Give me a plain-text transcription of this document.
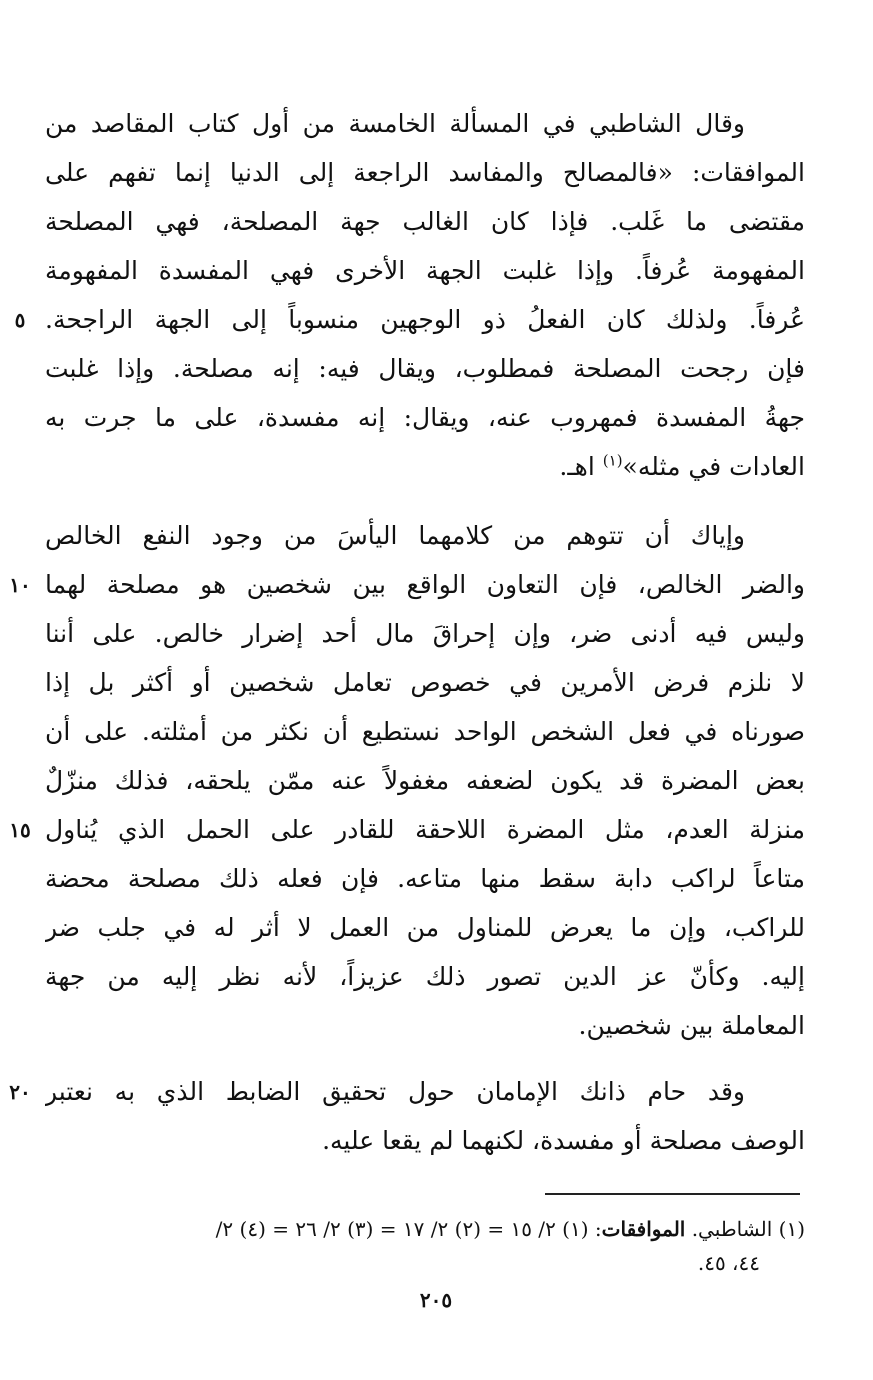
وقال الشاطبي في المسألة الخامسة من أول كتاب المقاصد من
الموافقات: «فالمصالح والمفاسد الراجعة إلى الدنيا إنما تفهم على
مقتضى ما غَلب. فإذا كان الغالب جهة المصلحة، فهي المصلحة
المفهومة عُرفاً. وإذا غلبت الجهة الأخرى فهي المفسدة المفهومة
عُرفاً. ولذلك كان الفعلُ ذو الوجهين منسوباً إلى الجهة الراجحة.
فإن رجحت المصلحة فمطلوب، ويقال فيه: إنه مصلحة. وإذا غلبت
جهةُ المفسدة فمهروب عنه، ويقال: إنه مفسدة، على ما جرت به
العادات في مثله»$^{(١)}$ اهـ.
وإياك أن تتوهم من كلامهما اليأسَ من وجود النفع الخالص
والضر الخالص، فإن التعاون الواقع بين شخصين هو مصلحة لهما
وليس فيه أدنى ضر، وإن إحراقَ مال أحد إضرار خالص. على أننا
لا نلزم فرض الأمرين في خصوص تعامل شخصين أو أكثر بل إذا
صورناه في فعل الشخص الواحد نستطيع أن نكثر من أمثلته. على أن
بعض المضرة قد يكون لضعفه مغفولاً عنه ممّن يلحقه، فذلك منزّلٌ
منزلة العدم، مثل المضرة اللاحقة للقادر على الحمل الذي يُناول
متاعاً لراكب دابة سقط منها متاعه. فإن فعله ذلك مصلحة محضة
للراكب، وإن ما يعرض للمناول من العمل لا أثر له في جلب ضر
إليه. وكأنّ عز الدين تصور ذلك عزيزاً، لأنه نظر إليه من جهة
المعاملة بين شخصين.
وقد حام ذانك الإمامان حول تحقيق الضابط الذي به نعتبر
الوصف مصلحة أو مفسدة، لكنهما لم يقعا عليه.
٥
١٠
١٥
٢٠
(١) الشاطبي. الموافقات: (١) ٢/ ١٥ = (٢) ٢/ ١٧ = (٣) ٢/ ٢٦ = (٤) ٢/
٤٤، ٤٥.
٢٠٥
